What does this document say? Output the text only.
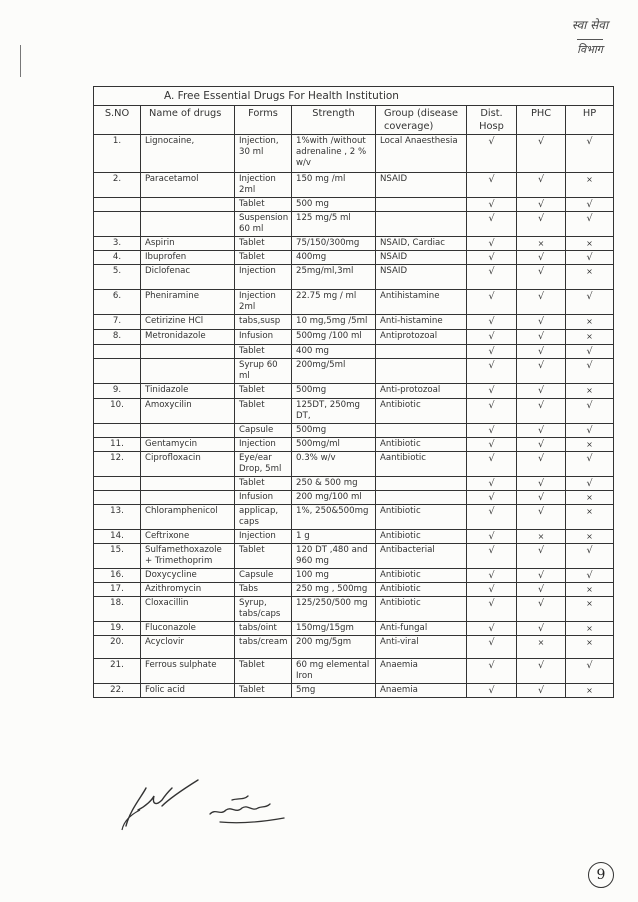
स्वा सेवा
विभाग
A. Free Essential Drugs For Health Institution							
S.NO	Name of drugs	Forms	Strength	Group (disease coverage)	Dist. Hosp	PHC	HP
1.	Lignocaine,	Injection, 30 ml	1%with /without adrenaline , 2 % w/v	Local Anaesthesia	√	√	√
2.	Paracetamol	Injection 2ml	150 mg /ml	NSAID	√	√	×
		Tablet	500 mg		√	√	√
		Suspension 60 ml	125 mg/5 ml		√	√	√
3.	Aspirin	Tablet	75/150/300mg	NSAID, Cardiac	√	×	×
4.	Ibuprofen	Tablet	400mg	NSAID	√	√	√
5.	Diclofenac	Injection	25mg/ml,3ml	NSAID	√	√	×
6.	Pheniramine	Injection 2ml	22.75 mg / ml	Antihistamine	√	√	√
7.	Cetirizine HCl	tabs,susp	10 mg,5mg /5ml	Anti-histamine	√	√	×
8.	Metronidazole	Infusion	500mg /100 ml	Antiprotozoal	√	√	×
		Tablet	400 mg		√	√	√
		Syrup 60 ml	200mg/5ml		√	√	√
9.	Tinidazole	Tablet	500mg	Anti-protozoal	√	√	×
10.	Amoxycilin	Tablet	125DT, 250mg DT,	Antibiotic	√	√	√
		Capsule	500mg		√	√	√
11.	Gentamycin	Injection	500mg/ml	Antibiotic	√	√	×
12.	Ciprofloxacin	Eye/ear Drop, 5ml	0.3% w/v	Aantibiotic	√	√	√
		Tablet	250 & 500 mg		√	√	√
		Infusion	200 mg/100 ml		√	√	×
13.	Chloramphenicol	applicap, caps	1%, 250&500mg	Antibiotic	√	√	×
14.	Ceftrixone	Injection	1 g	Antibiotic	√	×	×
15.	Sulfamethoxazole + Trimethoprim	Tablet	120 DT ,480 and 960 mg	Antibacterial	√	√	√
16.	Doxycycline	Capsule	100 mg	Antibiotic	√	√	√
17.	Azithromycin	Tabs	250 mg , 500mg	Antibiotic	√	√	×
18.	Cloxacillin	Syrup, tabs/caps	125/250/500 mg	Antibiotic	√	√	×
19.	Fluconazole	tabs/oint	150mg/15gm	Anti-fungal	√	√	×
20.	Acyclovir	tabs/cream	200 mg/5gm	Anti-viral	√	×	×
21.	Ferrous sulphate	Tablet	60 mg elemental Iron	Anaemia	√	√	√
22.	Folic acid	Tablet	5mg	Anaemia	√	√	×
9
